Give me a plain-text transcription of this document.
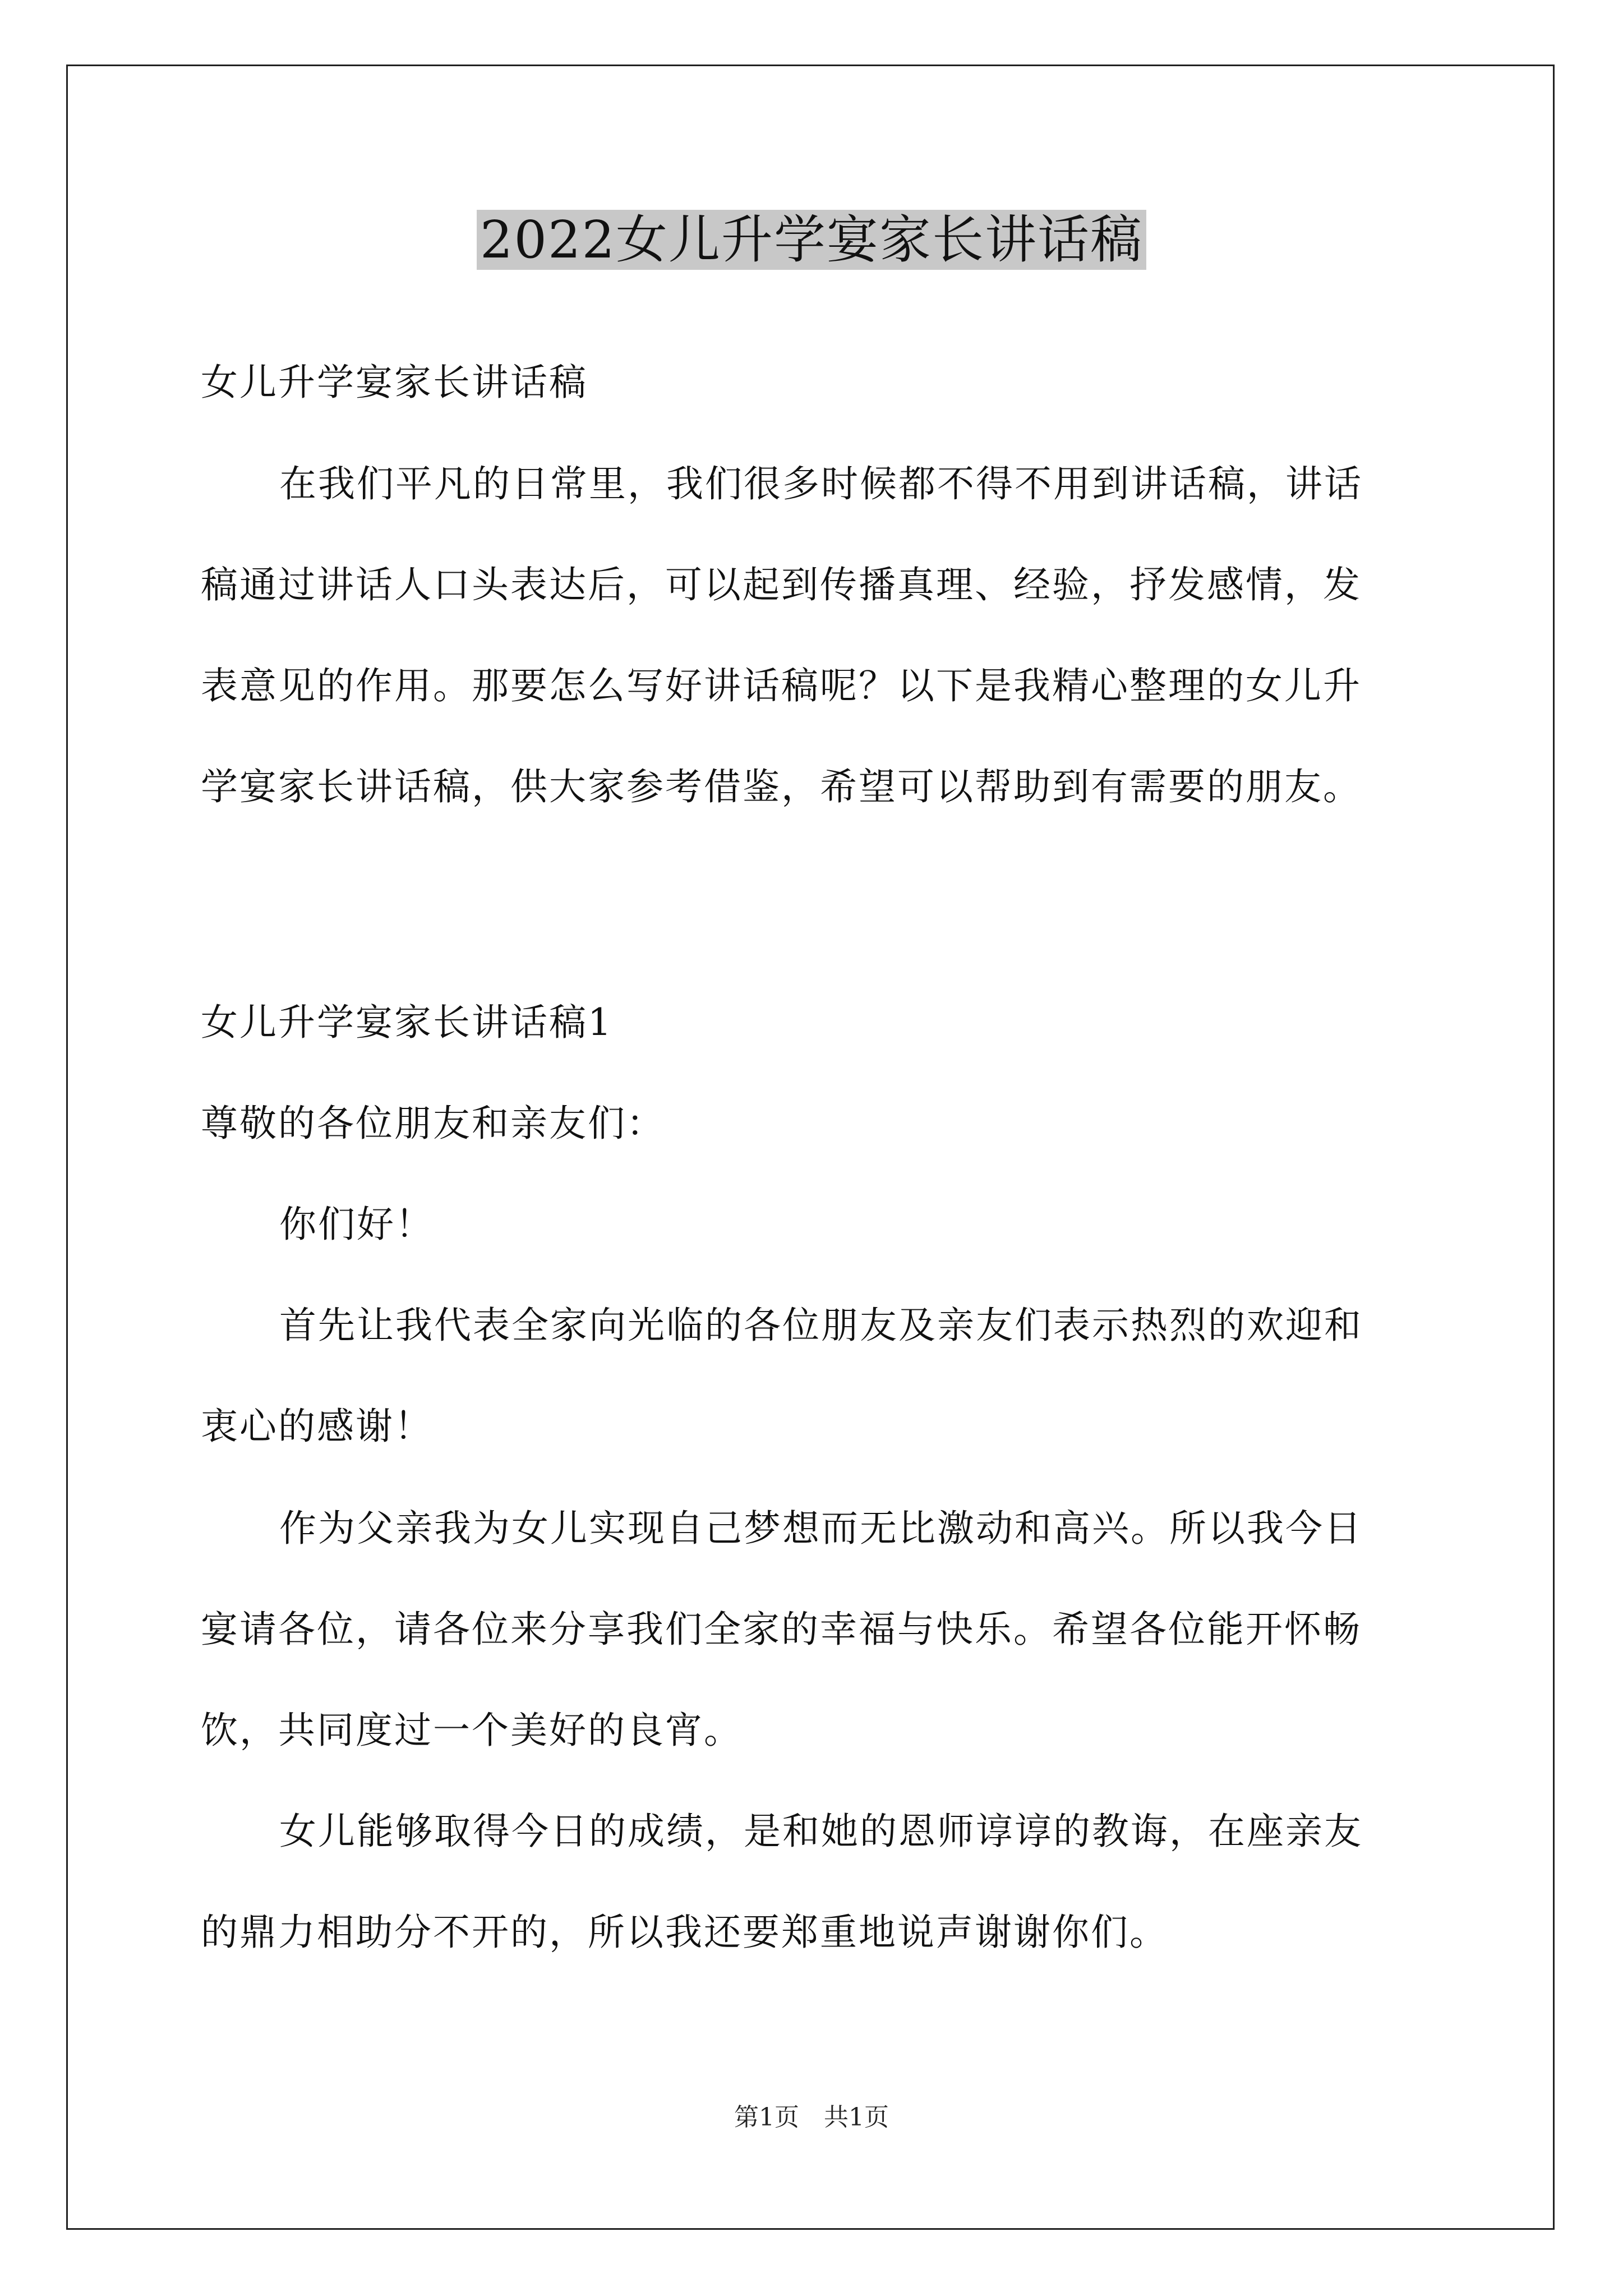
2022女儿升学宴家长讲话稿
女儿升学宴家长讲话稿
在我们平凡的日常里，我们很多时候都不得不用到讲话稿，讲话
稿通过讲话人口头表达后，可以起到传播真理、经验，抒发感情，发
表意见的作用。那要怎么写好讲话稿呢？以下是我精心整理的女儿升
学宴家长讲话稿，供大家参考借鉴，希望可以帮助到有需要的朋友。
女儿升学宴家长讲话稿1
尊敬的各位朋友和亲友们：
你们好！
首先让我代表全家向光临的各位朋友及亲友们表示热烈的欢迎和
衷心的感谢！
作为父亲我为女儿实现自己梦想而无比激动和高兴。所以我今日
宴请各位，请各位来分享我们全家的幸福与快乐。希望各位能开怀畅
饮，共同度过一个美好的良宵。
女儿能够取得今日的成绩，是和她的恩师谆谆的教诲，在座亲友
的鼎力相助分不开的，所以我还要郑重地说声谢谢你们。
第1页　共1页
